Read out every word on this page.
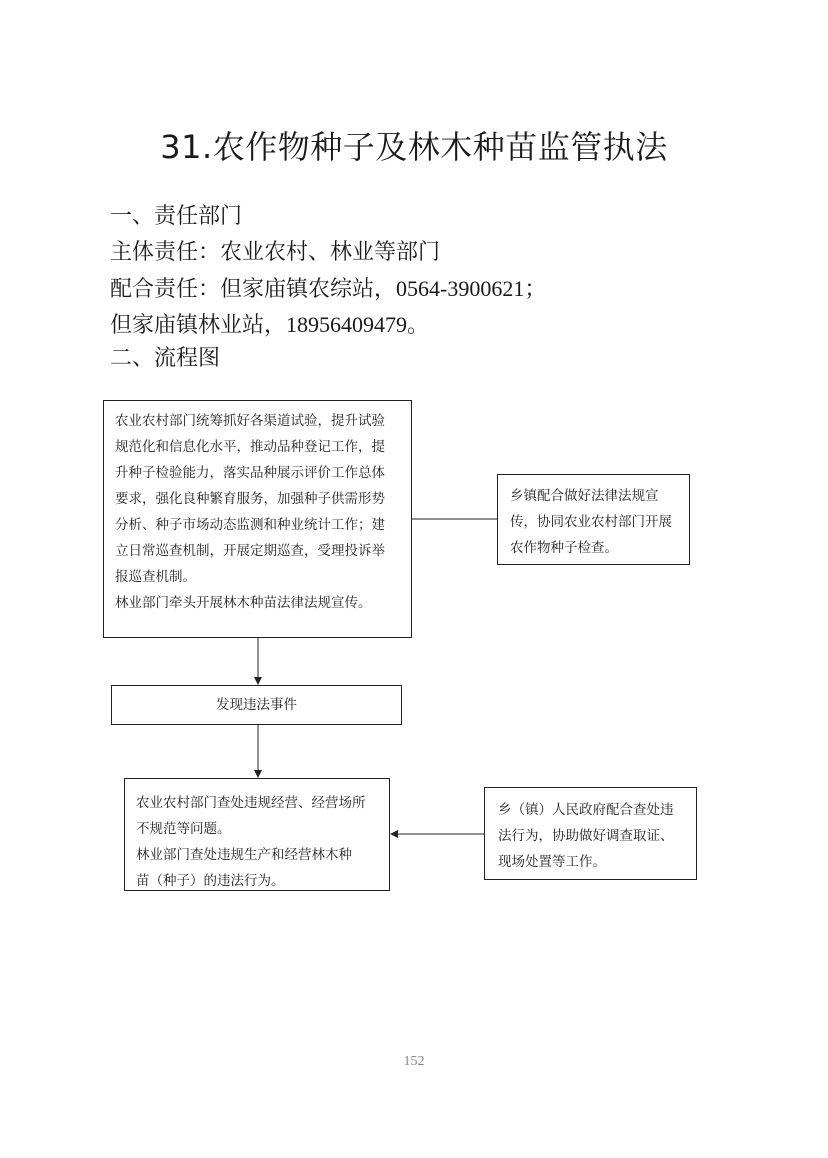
31.农作物种子及林木种苗监管执法
一、责任部门
主体责任：农业农村、林业等部门
配合责任：但家庙镇农综站，0564-3900621；
但家庙镇林业站，18956409479。
二、流程图

农业农村部门统筹抓好各渠道试验，提升试验

规范化和信息化水平，推动品种登记工作，提

升种子检验能力，落实品种展示评价工作总体

要求，强化良种繁育服务，加强种子供需形势

分析、种子市场动态监测和种业统计工作；建

立日常巡查机制，开展定期巡查，受理投诉举

报巡查机制。

林业部门牵头开展林木种苗法律法规宣传。

乡镇配合做好法律法规宣

传，协同农业农村部门开展

农作物种子检查。

发现违法事件

农业农村部门查处违规经营、经营场所

不规范等问题。

林业部门查处违规生产和经营林木种

苗（种子）的违法行为。

乡（镇）人民政府配合查处违

法行为，协助做好调查取证、

现场处置等工作。

152
